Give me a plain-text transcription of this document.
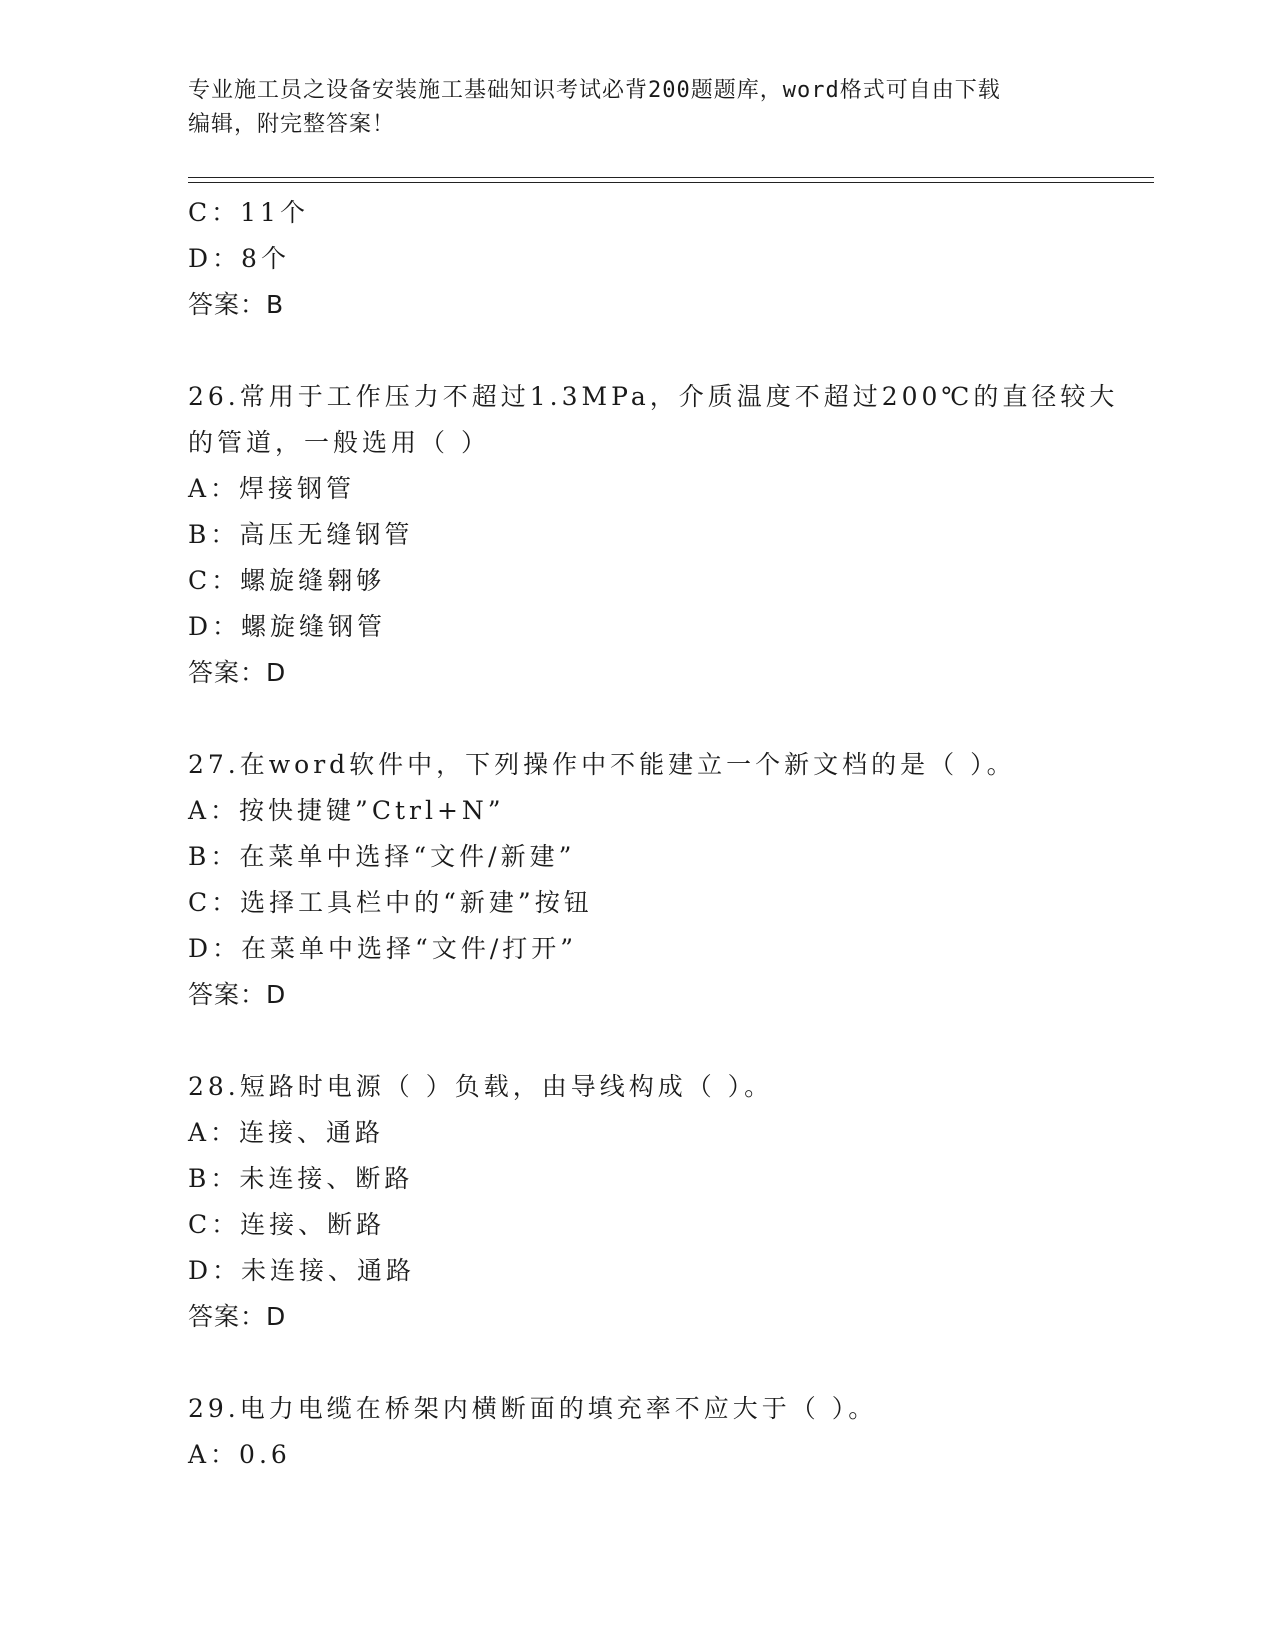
专业施工员之设备安装施工基础知识考试必背200题题库，word格式可自由下载
编辑，附完整答案！
C：11个
D：8个
答案：B
26.常用于工作压力不超过1.3MPa，介质温度不超过200℃的直径较大
的管道，一般选用（ ）
A：焊接钢管
B：高压无缝钢管
C：螺旋缝翱够
D：螺旋缝钢管
答案：D
27.在word软件中，下列操作中不能建立一个新文档的是（ ）。
A：按快捷键”Ctrl+N”
B：在菜单中选择“文件/新建”
C：选择工具栏中的“新建”按钮
D：在菜单中选择“文件/打开”
答案：D
28.短路时电源（ ）负载，由导线构成（ ）。
A：连接、通路
B：未连接、断路
C：连接、断路
D：未连接、通路
答案：D
29.电力电缆在桥架内横断面的填充率不应大于（ ）。
A：0.6
